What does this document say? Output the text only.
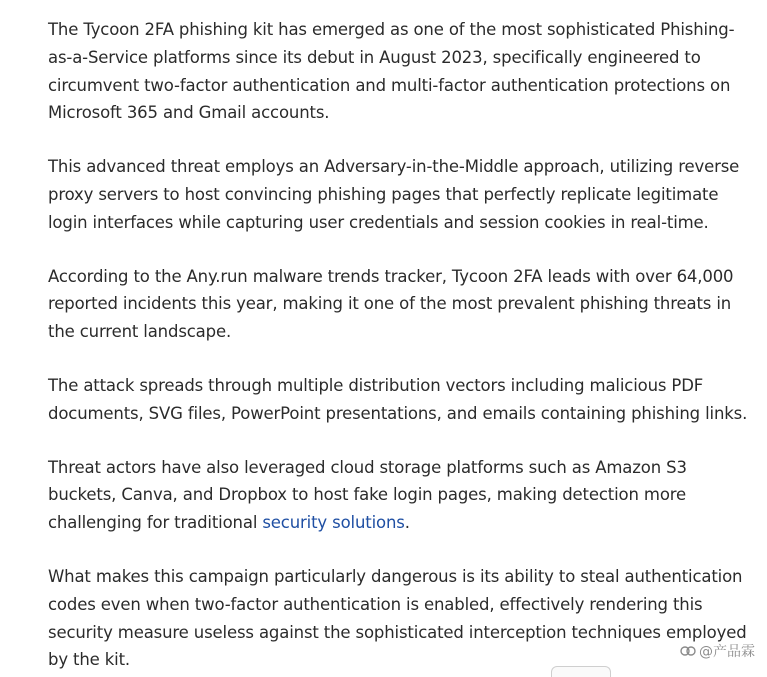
The Tycoon 2FA phishing kit has emerged as one of the most sophisticated Phishing-as-a-Service platforms since its debut in August 2023, specifically engineered to circumvent two-factor authentication and multi-factor authentication protections on Microsoft 365 and Gmail accounts.

This advanced threat employs an Adversary-in-the-Middle approach, utilizing reverse proxy servers to host convincing phishing pages that perfectly replicate legitimate login interfaces while capturing user credentials and session cookies in real-time.

According to the Any.run malware trends tracker, Tycoon 2FA leads with over 64,000 reported incidents this year, making it one of the most prevalent phishing threats in the current landscape.

The attack spreads through multiple distribution vectors including malicious PDF documents, SVG files, PowerPoint presentations, and emails containing phishing links.

Threat actors have also leveraged cloud storage platforms such as Amazon S3 buckets, Canva, and Dropbox to host fake login pages, making detection more challenging for traditional security solutions.

What makes this campaign particularly dangerous is its ability to steal authentication codes even when two-factor authentication is enabled, effectively rendering this security measure useless against the sophisticated interception techniques employed by the kit.	@产品霖
